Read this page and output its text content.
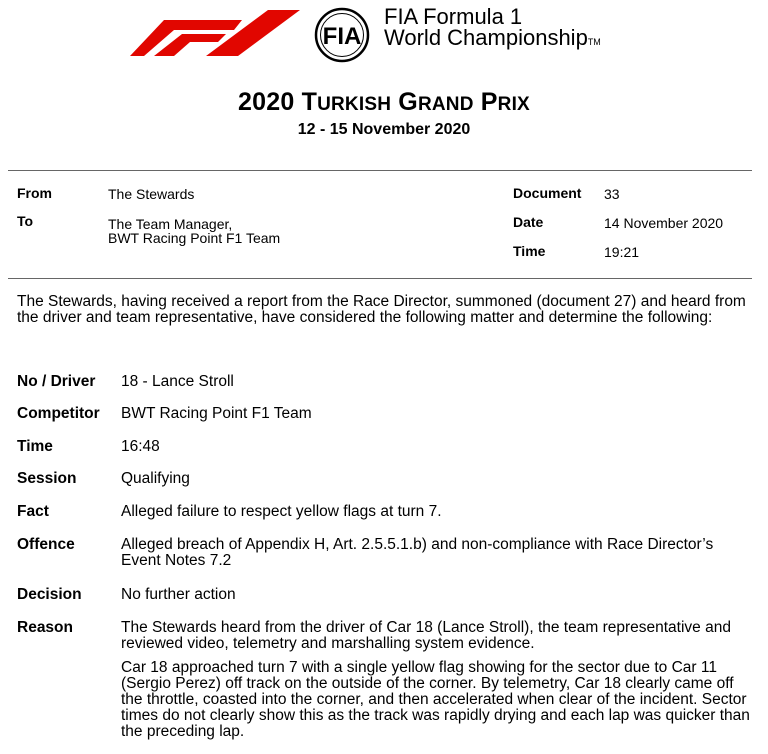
FIA
FIA Formula 1
World ChampionshipTM
2020 TURKISH GRAND PRIX
12 - 15 November 2020
From	The Stewards
To	The Team Manager,
BWT Racing Point F1 Team
Document 33
Date	14 November 2020
Time	19:21
The Stewards, having received a report from the Race Director, summoned (document 27) and heard from the driver and team representative, have considered the following matter and determine the following:
No / Driver 18 - Lance Stroll
Competitor BWT Racing Point F1 Team
Time	16:48
Session	Qualifying
Fact	Alleged failure to respect yellow flags at turn 7.
Offence	Alleged breach of Appendix H, Art. 2.5.5.1.b) and non-compliance with Race Director’s Event Notes 7.2
Decision	No further action
Reason	The Stewards heard from the driver of Car 18 (Lance Stroll), the team representative and reviewed video, telemetry and marshalling system evidence.
Car 18 approached turn 7 with a single yellow flag showing for the sector due to Car 11 (Sergio Perez) off track on the outside of the corner. By telemetry, Car 18 clearly came off the throttle, coasted into the corner, and then accelerated when clear of the incident. Sector times do not clearly show this as the track was rapidly drying and each lap was quicker than the preceding lap.
